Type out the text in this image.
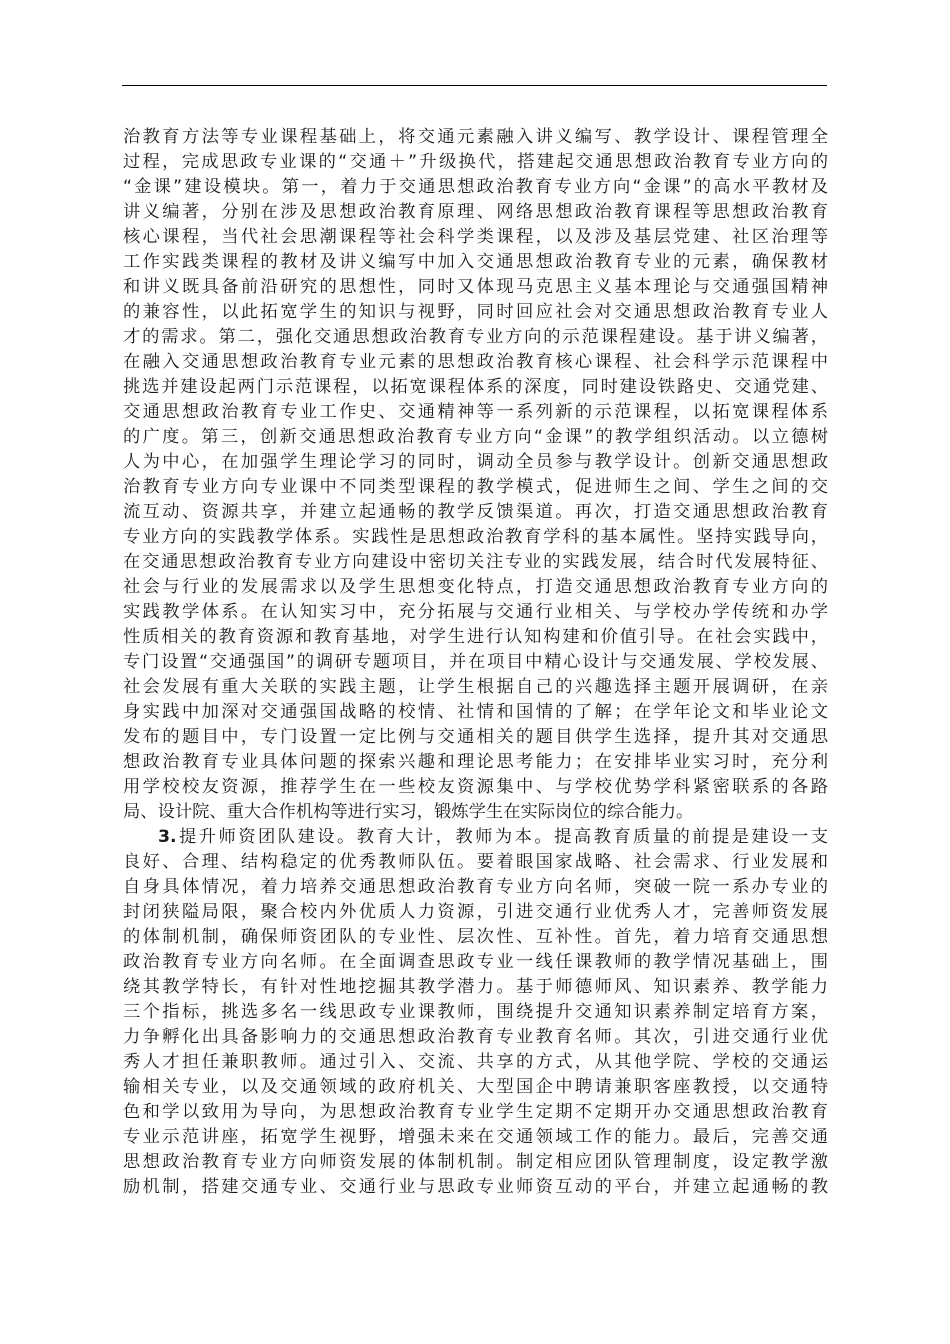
治教育方法等专业课程基础上，将交通元素融入讲义编写、教学设计、课程管理全
过程，完成思政专业课的“交通＋”升级换代，搭建起交通思想政治教育专业方向的
“金课”建设模块。第一，着力于交通思想政治教育专业方向“金课”的高水平教材及
讲义编著，分别在涉及思想政治教育原理、网络思想政治教育课程等思想政治教育
核心课程，当代社会思潮课程等社会科学类课程，以及涉及基层党建、社区治理等
工作实践类课程的教材及讲义编写中加入交通思想政治教育专业的元素，确保教材
和讲义既具备前沿研究的思想性，同时又体现马克思主义基本理论与交通强国精神
的兼容性，以此拓宽学生的知识与视野，同时回应社会对交通思想政治教育专业人
才的需求。第二，强化交通思想政治教育专业方向的示范课程建设。基于讲义编著，
在融入交通思想政治教育专业元素的思想政治教育核心课程、社会科学示范课程中
挑选并建设起两门示范课程，以拓宽课程体系的深度，同时建设铁路史、交通党建、
交通思想政治教育专业工作史、交通精神等一系列新的示范课程，以拓宽课程体系
的广度。第三，创新交通思想政治教育专业方向“金课”的教学组织活动。以立德树
人为中心，在加强学生理论学习的同时，调动全员参与教学设计。创新交通思想政
治教育专业方向专业课中不同类型课程的教学模式，促进师生之间、学生之间的交
流互动、资源共享，并建立起通畅的教学反馈渠道。再次，打造交通思想政治教育
专业方向的实践教学体系。实践性是思想政治教育学科的基本属性。坚持实践导向，
在交通思想政治教育专业方向建设中密切关注专业的实践发展，结合时代发展特征、
社会与行业的发展需求以及学生思想变化特点，打造交通思想政治教育专业方向的
实践教学体系。在认知实习中，充分拓展与交通行业相关、与学校办学传统和办学
性质相关的教育资源和教育基地，对学生进行认知构建和价值引导。在社会实践中，
专门设置“交通强国”的调研专题项目，并在项目中精心设计与交通发展、学校发展、
社会发展有重大关联的实践主题，让学生根据自己的兴趣选择主题开展调研，在亲
身实践中加深对交通强国战略的校情、社情和国情的了解；在学年论文和毕业论文
发布的题目中，专门设置一定比例与交通相关的题目供学生选择，提升其对交通思
想政治教育专业具体问题的探索兴趣和理论思考能力；在安排毕业实习时，充分利
用学校校友资源，推荐学生在一些校友资源集中、与学校优势学科紧密联系的各路
局、设计院、重大合作机构等进行实习，锻炼学生在实际岗位的综合能力。
3.提升师资团队建设。教育大计，教师为本。提高教育质量的前提是建设一支
良好、合理、结构稳定的优秀教师队伍。要着眼国家战略、社会需求、行业发展和
自身具体情况，着力培养交通思想政治教育专业方向名师，突破一院一系办专业的
封闭狭隘局限，聚合校内外优质人力资源，引进交通行业优秀人才，完善师资发展
的体制机制，确保师资团队的专业性、层次性、互补性。首先，着力培育交通思想
政治教育专业方向名师。在全面调查思政专业一线任课教师的教学情况基础上，围
绕其教学特长，有针对性地挖掘其教学潜力。基于师德师风、知识素养、教学能力
三个指标，挑选多名一线思政专业课教师，围绕提升交通知识素养制定培育方案，
力争孵化出具备影响力的交通思想政治教育专业教育名师。其次，引进交通行业优
秀人才担任兼职教师。通过引入、交流、共享的方式，从其他学院、学校的交通运
输相关专业，以及交通领域的政府机关、大型国企中聘请兼职客座教授，以交通特
色和学以致用为导向，为思想政治教育专业学生定期不定期开办交通思想政治教育
专业示范讲座，拓宽学生视野，增强未来在交通领域工作的能力。最后，完善交通
思想政治教育专业方向师资发展的体制机制。制定相应团队管理制度，设定教学激
励机制，搭建交通专业、交通行业与思政专业师资互动的平台，并建立起通畅的教
